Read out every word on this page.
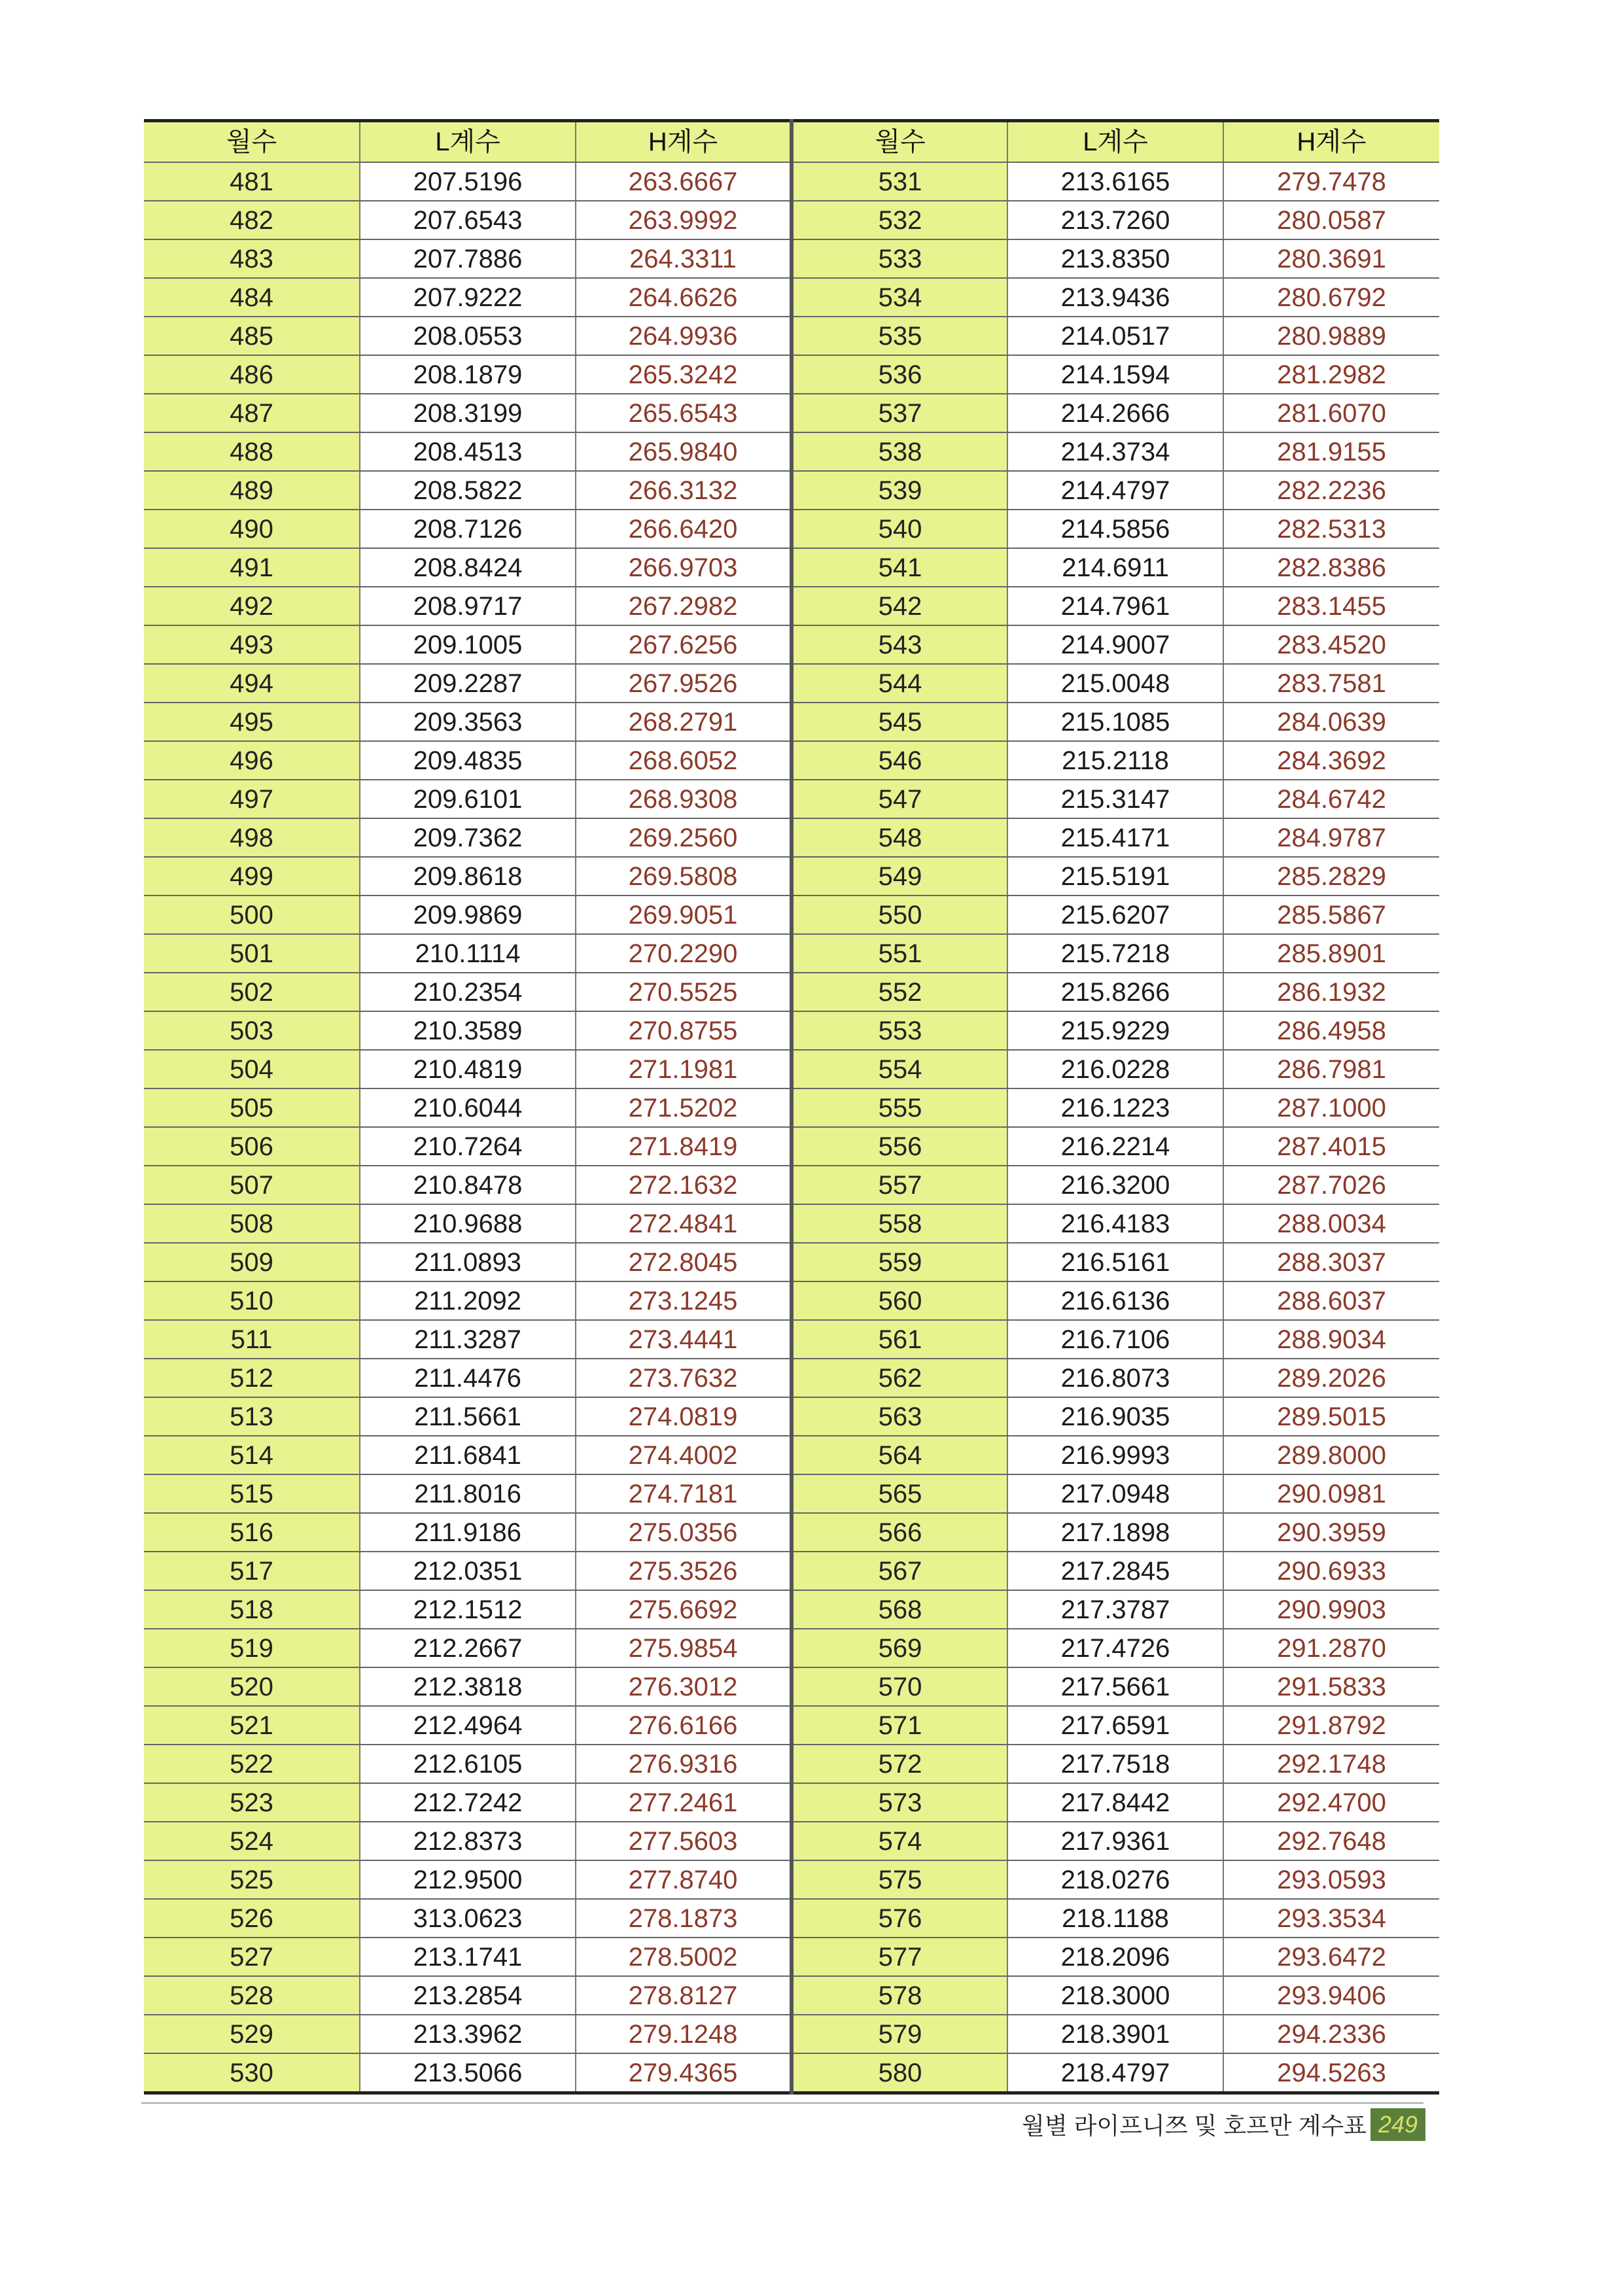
월수	L계수	H계수	월수	L계수	H계수
481	207.5196	263.6667	531	213.6165	279.7478
482	207.6543	263.9992	532	213.7260	280.0587
483	207.7886	264.3311	533	213.8350	280.3691
484	207.9222	264.6626	534	213.9436	280.6792
485	208.0553	264.9936	535	214.0517	280.9889
486	208.1879	265.3242	536	214.1594	281.2982
487	208.3199	265.6543	537	214.2666	281.6070
488	208.4513	265.9840	538	214.3734	281.9155
489	208.5822	266.3132	539	214.4797	282.2236
490	208.7126	266.6420	540	214.5856	282.5313
491	208.8424	266.9703	541	214.6911	282.8386
492	208.9717	267.2982	542	214.7961	283.1455
493	209.1005	267.6256	543	214.9007	283.4520
494	209.2287	267.9526	544	215.0048	283.7581
495	209.3563	268.2791	545	215.1085	284.0639
496	209.4835	268.6052	546	215.2118	284.3692
497	209.6101	268.9308	547	215.3147	284.6742
498	209.7362	269.2560	548	215.4171	284.9787
499	209.8618	269.5808	549	215.5191	285.2829
500	209.9869	269.9051	550	215.6207	285.5867
501	210.1114	270.2290	551	215.7218	285.8901
502	210.2354	270.5525	552	215.8266	286.1932
503	210.3589	270.8755	553	215.9229	286.4958
504	210.4819	271.1981	554	216.0228	286.7981
505	210.6044	271.5202	555	216.1223	287.1000
506	210.7264	271.8419	556	216.2214	287.4015
507	210.8478	272.1632	557	216.3200	287.7026
508	210.9688	272.4841	558	216.4183	288.0034
509	211.0893	272.8045	559	216.5161	288.3037
510	211.2092	273.1245	560	216.6136	288.6037
511	211.3287	273.4441	561	216.7106	288.9034
512	211.4476	273.7632	562	216.8073	289.2026
513	211.5661	274.0819	563	216.9035	289.5015
514	211.6841	274.4002	564	216.9993	289.8000
515	211.8016	274.7181	565	217.0948	290.0981
516	211.9186	275.0356	566	217.1898	290.3959
517	212.0351	275.3526	567	217.2845	290.6933
518	212.1512	275.6692	568	217.3787	290.9903
519	212.2667	275.9854	569	217.4726	291.2870
520	212.3818	276.3012	570	217.5661	291.5833
521	212.4964	276.6166	571	217.6591	291.8792
522	212.6105	276.9316	572	217.7518	292.1748
523	212.7242	277.2461	573	217.8442	292.4700
524	212.8373	277.5603	574	217.9361	292.7648
525	212.9500	277.8740	575	218.0276	293.0593
526	313.0623	278.1873	576	218.1188	293.3534
527	213.1741	278.5002	577	218.2096	293.6472
528	213.2854	278.8127	578	218.3000	293.9406
529	213.3962	279.1248	579	218.3901	294.2336
530	213.5066	279.4365	580	218.4797	294.5263
월별 라이프니쯔 및 호프만 계수표 249
